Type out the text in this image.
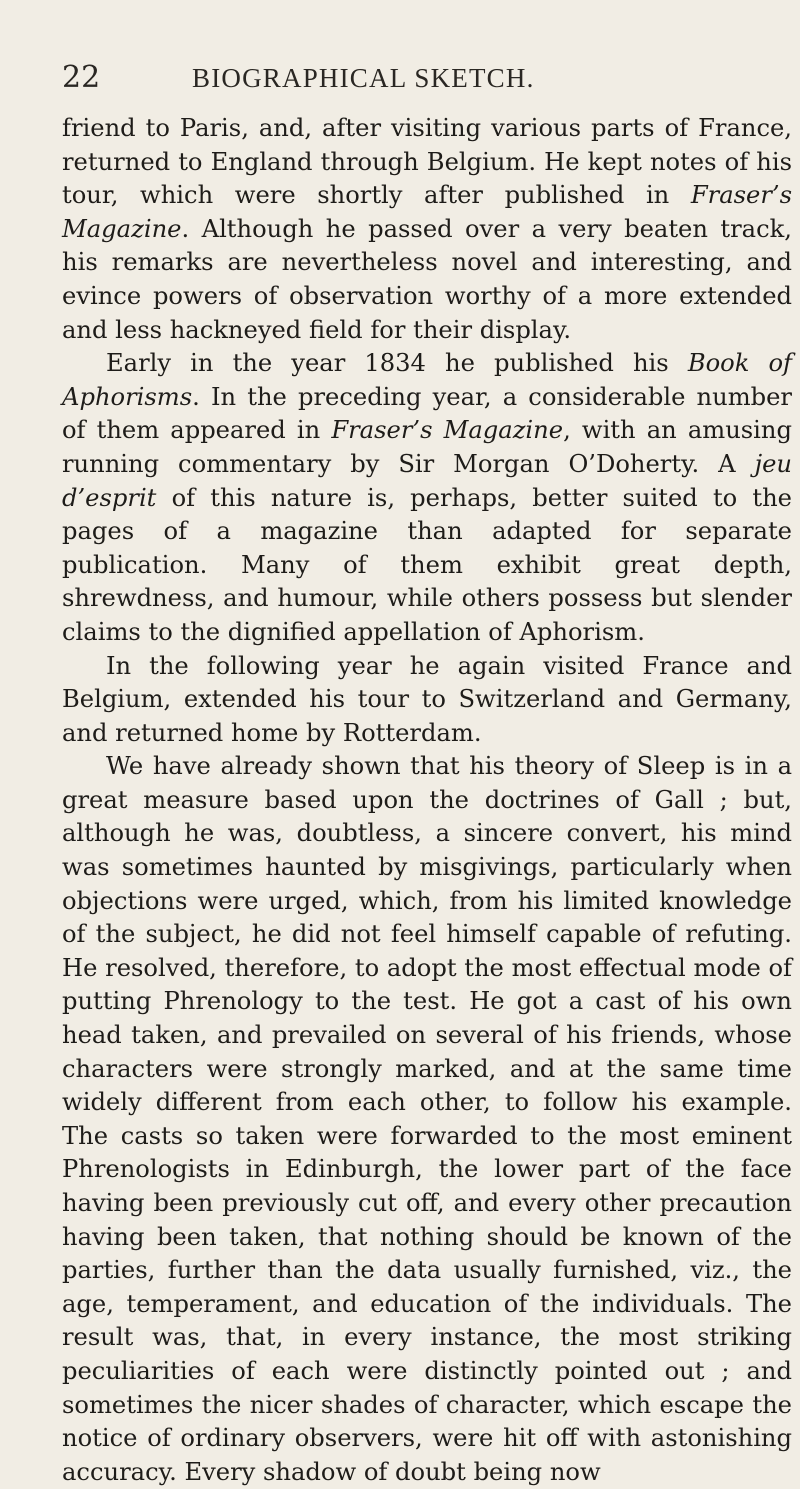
22	BIOGRAPHICAL SKETCH.

friend to Paris, and, after visiting various parts of France, returned to England through Belgium. He kept notes of his tour, which were shortly after published in Fraser’s Magazine. Although he passed over a very beaten track, his remarks are nevertheless novel and interesting, and evince powers of observation worthy of a more extended and less hackneyed field for their display.

Early in the year 1834 he published his Book of Aphorisms. In the preceding year, a considerable number of them appeared in Fraser’s Magazine, with an amusing running commentary by Sir Morgan O’Doherty. A jeu d’esprit of this nature is, perhaps, better suited to the pages of a magazine than adapted for separate publication. Many of them exhibit great depth, shrewdness, and humour, while others possess but slender claims to the dignified appellation of Aphorism.

In the following year he again visited France and Belgium, extended his tour to Switzerland and Germany, and returned home by Rotterdam.

We have already shown that his theory of Sleep is in a great measure based upon the doctrines of Gall ; but, although he was, doubtless, a sincere convert, his mind was sometimes haunted by misgivings, particularly when objections were urged, which, from his limited knowledge of the subject, he did not feel himself capable of refuting. He resolved, therefore, to adopt the most effectual mode of putting Phrenology to the test. He got a cast of his own head taken, and prevailed on several of his friends, whose characters were strongly marked, and at the same time widely different from each other, to follow his example. The casts so taken were forwarded to the most eminent Phrenologists in Edinburgh, the lower part of the face having been previously cut off, and every other precaution having been taken, that nothing should be known of the parties, further than the data usually furnished, viz., the age, temperament, and education of the individuals. The result was, that, in every instance, the most striking peculiarities of each were distinctly pointed out ; and sometimes the nicer shades of character, which escape the notice of ordinary observers, were hit off with astonishing accuracy. Every shadow of doubt being now
